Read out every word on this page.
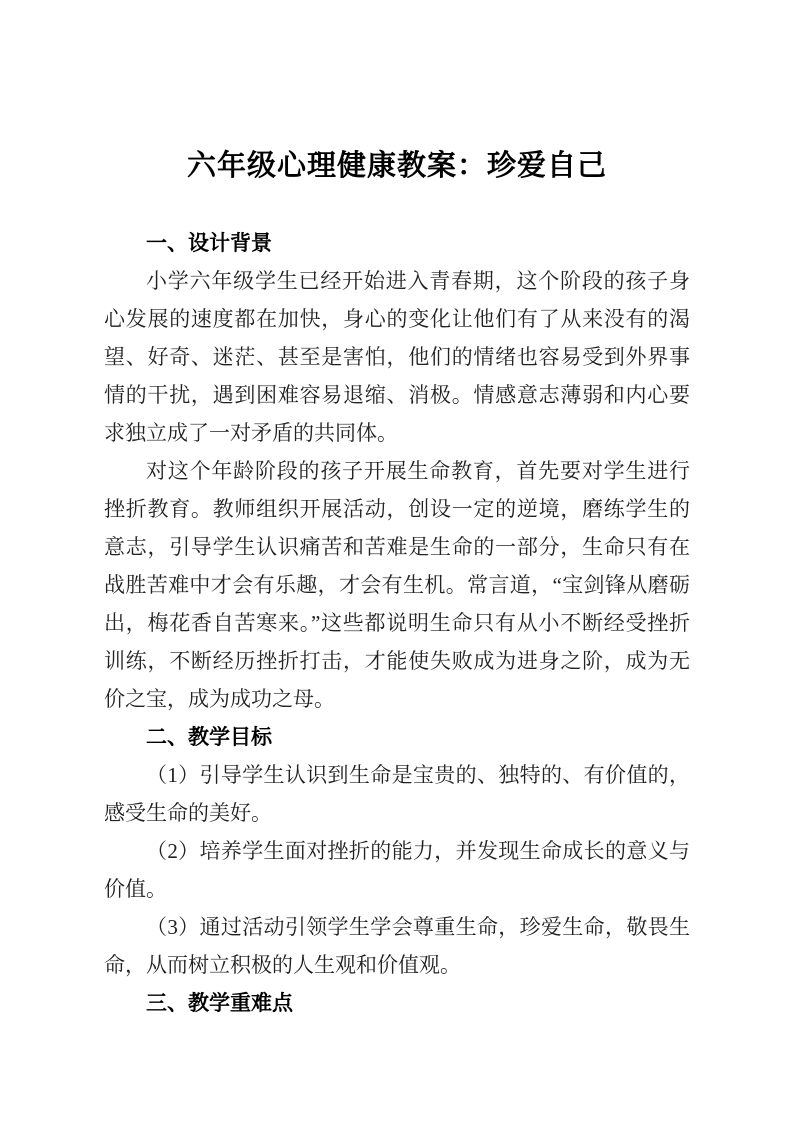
六年级心理健康教案：珍爱自己
一、设计背景

小学六年级学生已经开始进入青春期，这个阶段的孩子身心发展的速度都在加快，身心的变化让他们有了从来没有的渴望、好奇、迷茫、甚至是害怕，他们的情绪也容易受到外界事情的干扰，遇到困难容易退缩、消极。情感意志薄弱和内心要求独立成了一对矛盾的共同体。

对这个年龄阶段的孩子开展生命教育，首先要对学生进行挫折教育。教师组织开展活动，创设一定的逆境，磨练学生的意志，引导学生认识痛苦和苦难是生命的一部分，生命只有在战胜苦难中才会有乐趣，才会有生机。常言道，“宝剑锋从磨砺出，梅花香自苦寒来。”这些都说明生命只有从小不断经受挫折训练，不断经历挫折打击，才能使失败成为进身之阶，成为无价之宝，成为成功之母。

二、教学目标

（1）引导学生认识到生命是宝贵的、独特的、有价值的，感受生命的美好。

（2）培养学生面对挫折的能力，并发现生命成长的意义与价值。

（3）通过活动引领学生学会尊重生命，珍爱生命，敬畏生命，从而树立积极的人生观和价值观。

三、教学重难点
